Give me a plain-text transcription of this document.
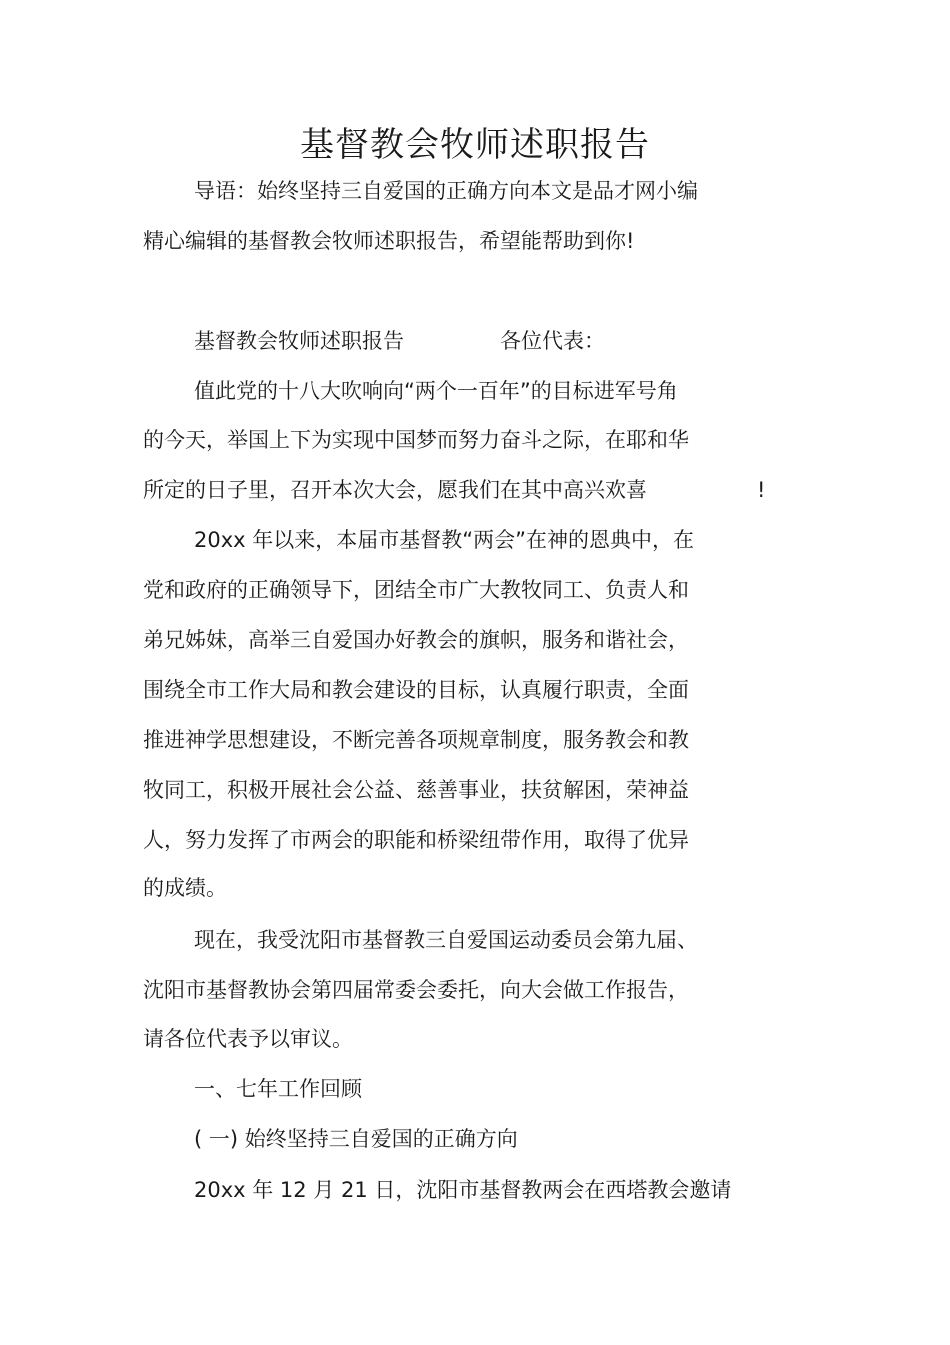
基督教会牧师述职报告

导语：始终坚持三自爱国的正确方向本文是品才网小编

精心编辑的基督教会牧师述职报告，希望能帮助到你!

基督教会牧师述职报告	各位代表：

值此党的十八大吹响向“两个一百年”的目标进军号角

的今天，举国上下为实现中国梦而努力奋斗之际，在耶和华

所定的日子里，召开本次大会，愿我们在其中高兴欢喜	!

20xx 年以来，本届市基督教“两会”在神的恩典中，在

党和政府的正确领导下，团结全市广大教牧同工、负责人和

弟兄姊妹，高举三自爱国办好教会的旗帜，服务和谐社会，

围绕全市工作大局和教会建设的目标，认真履行职责，全面

推进神学思想建设，不断完善各项规章制度，服务教会和教

牧同工，积极开展社会公益、慈善事业，扶贫解困，荣神益

人，努力发挥了市两会的职能和桥梁纽带作用，取得了优异

的成绩。

现在，我受沈阳市基督教三自爱国运动委员会第九届、

沈阳市基督教协会第四届常委会委托，向大会做工作报告，

请各位代表予以审议。

一、七年工作回顾

( 一) 始终坚持三自爱国的正确方向

20xx 年 12 月 21 日，沈阳市基督教两会在西塔教会邀请
